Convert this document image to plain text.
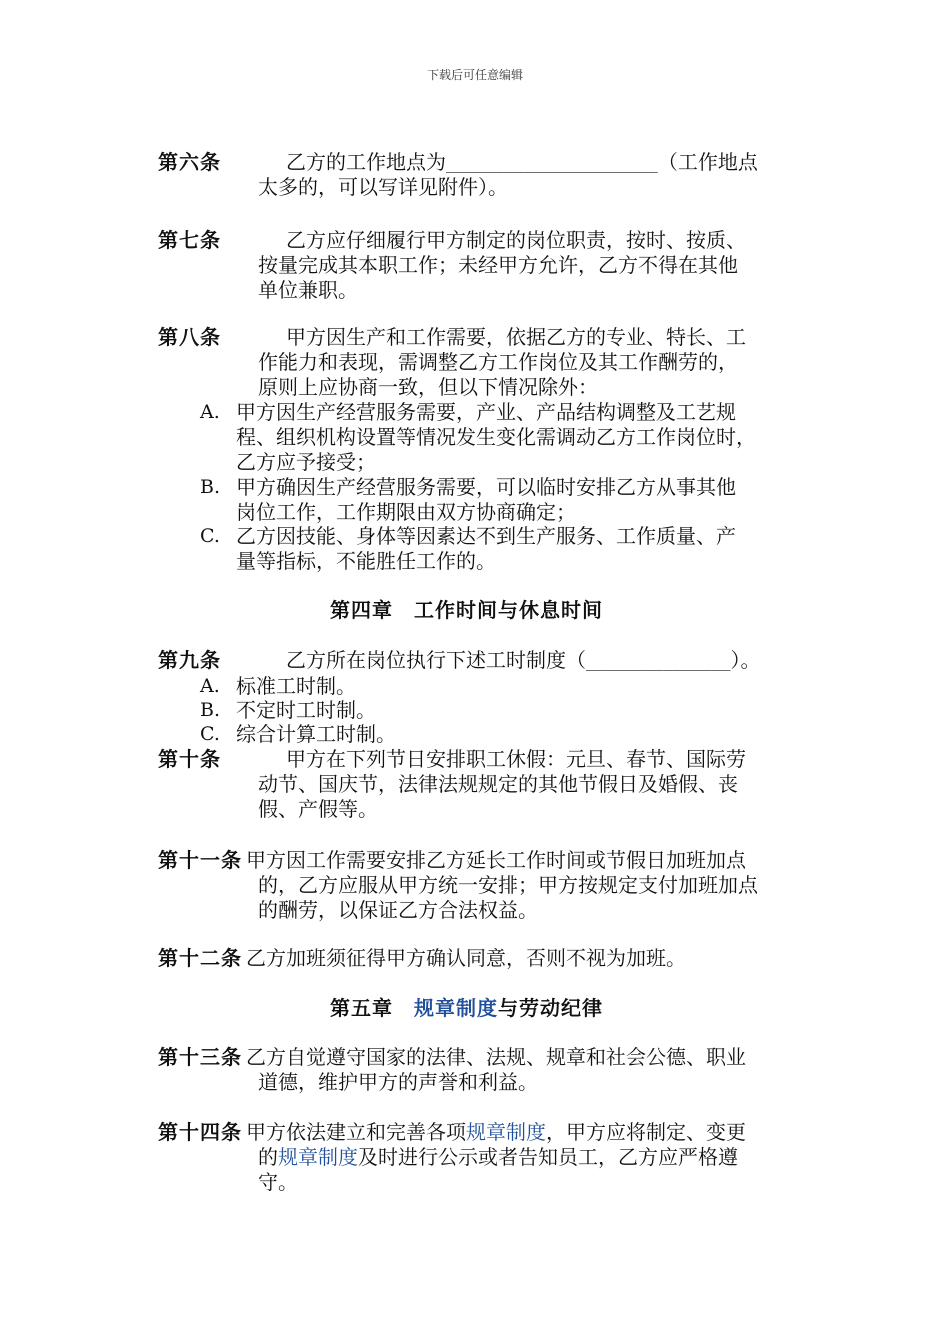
下载后可任意编辑
第六条	乙方的工作地点为______________________（工作地点
太多的，可以写详见附件）。
第七条	乙方应仔细履行甲方制定的岗位职责，按时、按质、
按量完成其本职工作；未经甲方允许，乙方不得在其他
单位兼职。
第八条	甲方因生产和工作需要，依据乙方的专业、特长、工
作能力和表现，需调整乙方工作岗位及其工作酬劳的，
原则上应协商一致，但以下情况除外：
A. 甲方因生产经营服务需要，产业、产品结构调整及工艺规
程、组织机构设置等情况发生变化需调动乙方工作岗位时，
乙方应予接受；
B. 甲方确因生产经营服务需要，可以临时安排乙方从事其他
岗位工作，工作期限由双方协商确定；
C. 乙方因技能、身体等因素达不到生产服务、工作质量、产
量等指标，不能胜任工作的。
第四章　工作时间与休息时间
第九条	乙方所在岗位执行下述工时制度（_______________）。
A. 标准工时制。
B. 不定时工时制。
C. 综合计算工时制。
第十条	甲方在下列节日安排职工休假：元旦、春节、国际劳
动节、国庆节，法律法规规定的其他节假日及婚假、丧
假、产假等。
第十一条 甲方因工作需要安排乙方延长工作时间或节假日加班加点
的，乙方应服从甲方统一安排；甲方按规定支付加班加点
的酬劳，以保证乙方合法权益。
第十二条 乙方加班须征得甲方确认同意，否则不视为加班。
第五章　规章制度与劳动纪律
第十三条 乙方自觉遵守国家的法律、法规、规章和社会公德、职业
道德，维护甲方的声誉和利益。
第十四条 甲方依法建立和完善各项规章制度，甲方应将制定、变更
的规章制度及时进行公示或者告知员工，乙方应严格遵
守。
